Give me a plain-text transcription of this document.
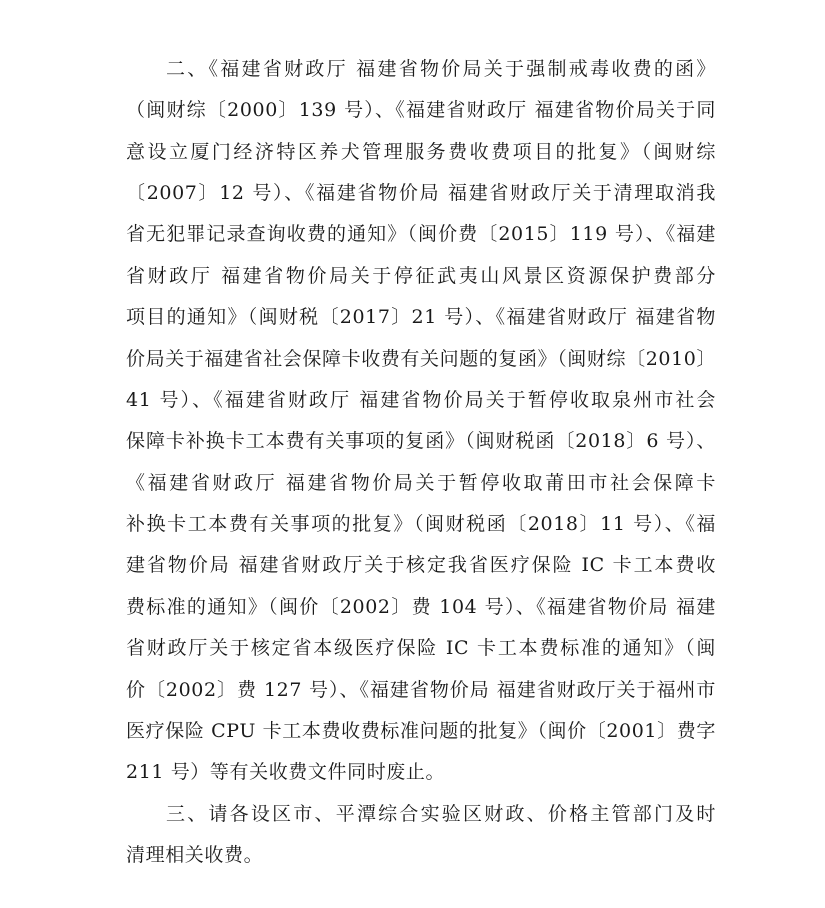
二、《福建省财政厅 福建省物价局关于强制戒毒收费的函》
（闽财综〔2000〕139 号）、《福建省财政厅 福建省物价局关于同
意设立厦门经济特区养犬管理服务费收费项目的批复》（闽财综
〔2007〕12 号）、《福建省物价局 福建省财政厅关于清理取消我
省无犯罪记录查询收费的通知》（闽价费〔2015〕119 号）、《福建
省财政厅 福建省物价局关于停征武夷山风景区资源保护费部分
项目的通知》（闽财税〔2017〕21 号）、《福建省财政厅 福建省物
价局关于福建省社会保障卡收费有关问题的复函》（闽财综〔2010〕
41 号）、《福建省财政厅 福建省物价局关于暂停收取泉州市社会
保障卡补换卡工本费有关事项的复函》（闽财税函〔2018〕6 号）、
《福建省财政厅 福建省物价局关于暂停收取莆田市社会保障卡
补换卡工本费有关事项的批复》（闽财税函〔2018〕11 号）、《福
建省物价局 福建省财政厅关于核定我省医疗保险 IC 卡工本费收
费标准的通知》（闽价〔2002〕费 104 号）、《福建省物价局 福建
省财政厅关于核定省本级医疗保险 IC 卡工本费标准的通知》（闽
价〔2002〕费 127 号）、《福建省物价局 福建省财政厅关于福州市
医疗保险 CPU 卡工本费收费标准问题的批复》（闽价〔2001〕费字
211 号）等有关收费文件同时废止。
三、请各设区市、平潭综合实验区财政、价格主管部门及时
清理相关收费。
